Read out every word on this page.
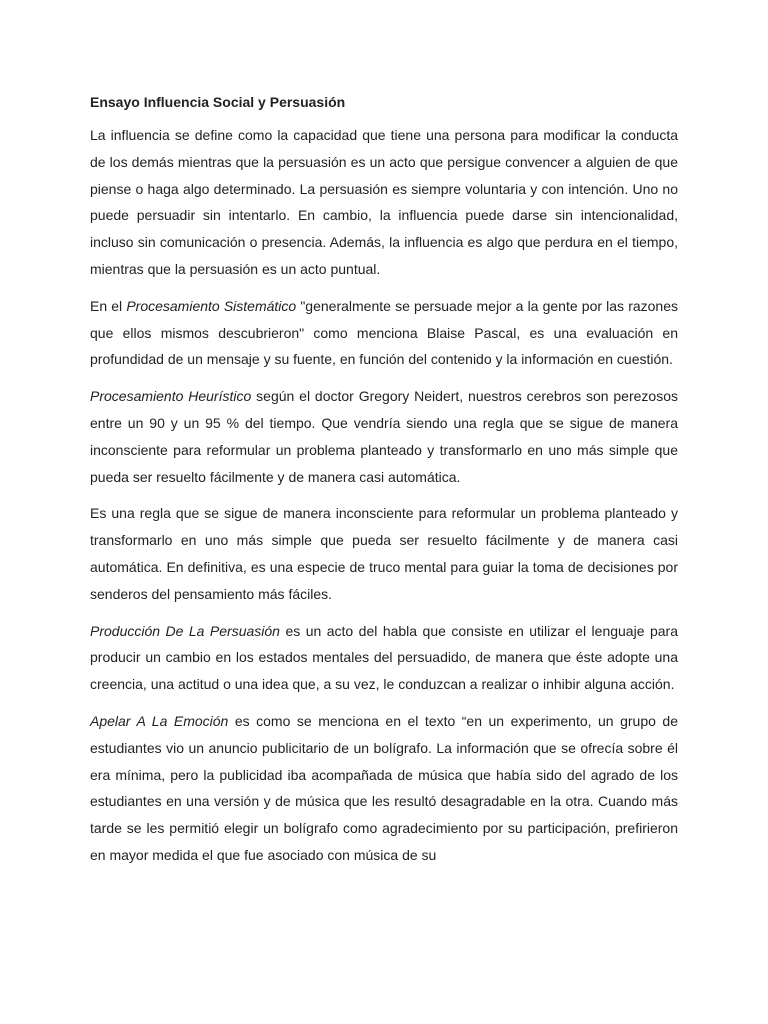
Ensayo Influencia Social y Persuasión

La influencia se define como la capacidad que tiene una persona para modificar la conducta de los demás mientras que la persuasión es un acto que persigue convencer a alguien de que piense o haga algo determinado. La persuasión es siempre voluntaria y con intención. Uno no puede persuadir sin intentarlo. En cambio, la influencia puede darse sin intencionalidad, incluso sin comunicación o presencia. Además, la influencia es algo que perdura en el tiempo, mientras que la persuasión es un acto puntual.

En el Procesamiento Sistemático "generalmente se persuade mejor a la gente por las razones que ellos mismos descubrieron" como menciona Blaise Pascal, es una evaluación en profundidad de un mensaje y su fuente, en función del contenido y la información en cuestión.

Procesamiento Heurístico según el doctor Gregory Neidert, nuestros cerebros son perezosos entre un 90 y un 95 % del tiempo. Que vendría siendo una regla que se sigue de manera inconsciente para reformular un problema planteado y transformarlo en uno más simple que pueda ser resuelto fácilmente y de manera casi automática.

Es una regla que se sigue de manera inconsciente para reformular un problema planteado y transformarlo en uno más simple que pueda ser resuelto fácilmente y de manera casi automática. En definitiva, es una especie de truco mental para guiar la toma de decisiones por senderos del pensamiento más fáciles.

Producción De La Persuasión es un acto del habla que consiste en utilizar el lenguaje para producir un cambio en los estados mentales del persuadido, de manera que éste adopte una creencia, una actitud o una idea que, a su vez, le conduzcan a realizar o inhibir alguna acción.

Apelar A La Emoción es como se menciona en el texto “en un experimento, un grupo de estudiantes vio un anuncio publicitario de un bolígrafo. La información que se ofrecía sobre él era mínima, pero la publicidad iba acompañada de música que había sido del agrado de los estudiantes en una versión y de música que les resultó desagradable en la otra. Cuando más tarde se les permitió elegir un bolígrafo como agradecimiento por su participación, prefirieron en mayor medida el que fue asociado con música de su
